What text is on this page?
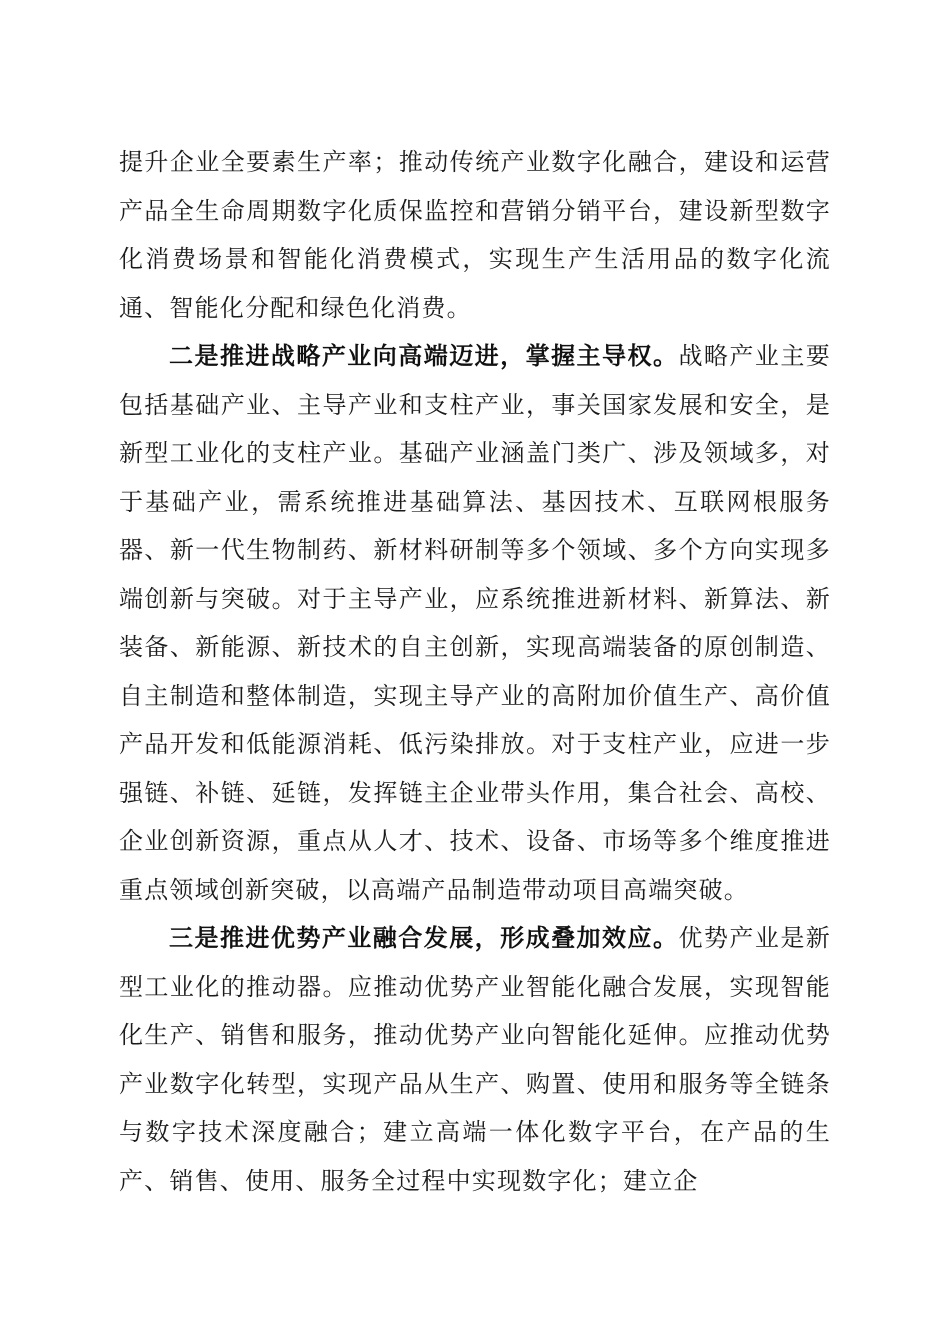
提升企业全要素生产率；推动传统产业数字化融合，建设和运营产品全生命周期数字化质保监控和营销分销平台，建设新型数字化消费场景和智能化消费模式，实现生产生活用品的数字化流通、智能化分配和绿色化消费。

二是推进战略产业向高端迈进，掌握主导权。战略产业主要包括基础产业、主导产业和支柱产业，事关国家发展和安全，是新型工业化的支柱产业。基础产业涵盖门类广、涉及领域多，对于基础产业，需系统推进基础算法、基因技术、互联网根服务器、新一代生物制药、新材料研制等多个领域、多个方向实现多端创新与突破。对于主导产业，应系统推进新材料、新算法、新装备、新能源、新技术的自主创新，实现高端装备的原创制造、自主制造和整体制造，实现主导产业的高附加价值生产、高价值产品开发和低能源消耗、低污染排放。对于支柱产业，应进一步强链、补链、延链，发挥链主企业带头作用，集合社会、高校、企业创新资源，重点从人才、技术、设备、市场等多个维度推进重点领域创新突破，以高端产品制造带动项目高端突破。

三是推进优势产业融合发展，形成叠加效应。优势产业是新型工业化的推动器。应推动优势产业智能化融合发展，实现智能化生产、销售和服务，推动优势产业向智能化延伸。应推动优势产业数字化转型，实现产品从生产、购置、使用和服务等全链条与数字技术深度融合；建立高端一体化数字平台，在产品的生产、销售、使用、服务全过程中实现数字化；建立企
